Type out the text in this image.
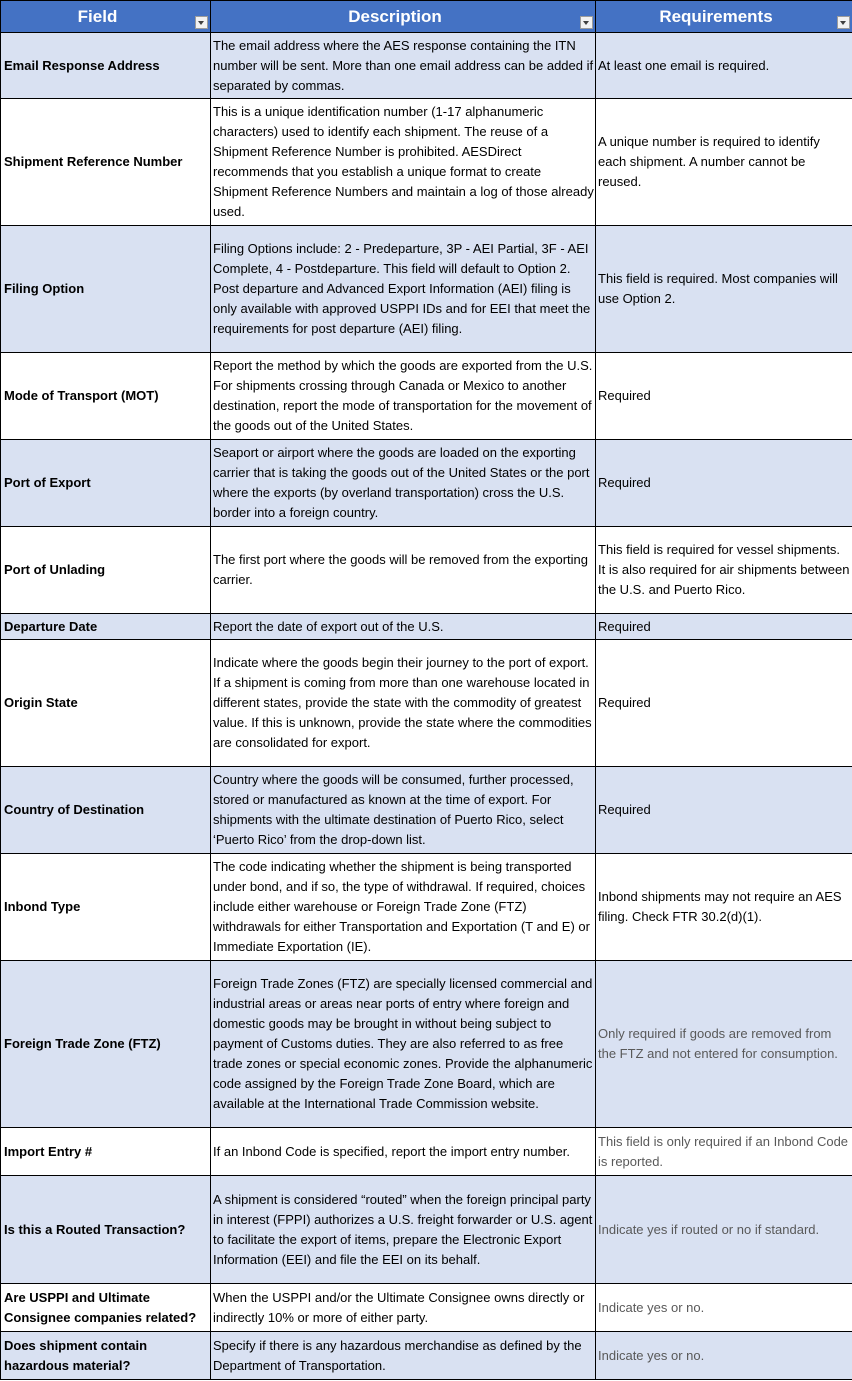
Field	Description	Requirements

Email Response Address	The email address where the AES response containing the ITN number will be sent. More than one email address can be added if separated by commas.	At least one email is required.
Shipment Reference Number	This is a unique identification number (1-17 alphanumeric characters) used to identify each shipment. The reuse of a Shipment Reference Number is prohibited. AESDirect recommends that you establish a unique format to create Shipment Reference Numbers and maintain a log of those already used.	A unique number is required to identify each shipment. A number cannot be reused.
Filing Option	Filing Options include: 2 - Predeparture, 3P - AEI Partial, 3F - AEI Complete, 4 - Postdeparture. This field will default to Option 2. Post departure and Advanced Export Information (AEI) filing is only available with approved USPPI IDs and for EEI that meet the requirements for post departure (AEI) filing.	This field is required. Most companies will use Option 2.
Mode of Transport (MOT)	Report the method by which the goods are exported from the U.S. For shipments crossing through Canada or Mexico to another destination, report the mode of transportation for the movement of the goods out of the United States.	Required
Port of Export	Seaport or airport where the goods are loaded on the exporting carrier that is taking the goods out of the United States or the port where the exports (by overland transportation) cross the U.S. border into a foreign country.	Required
Port of Unlading	The first port where the goods will be removed from the exporting carrier.	This field is required for vessel shipments. It is also required for air shipments between the U.S. and Puerto Rico.
Departure Date	Report the date of export out of the U.S.	Required
Origin State	Indicate where the goods begin their journey to the port of export. If a shipment is coming from more than one warehouse located in different states, provide the state with the commodity of greatest value. If this is unknown, provide the state where the commodities are consolidated for export.	Required
Country of Destination	Country where the goods will be consumed, further processed, stored or manufactured as known at the time of export. For shipments with the ultimate destination of Puerto Rico, select ‘Puerto Rico’ from the drop-down list.	Required
Inbond Type	The code indicating whether the shipment is being transported under bond, and if so, the type of withdrawal. If required, choices include either warehouse or Foreign Trade Zone (FTZ) withdrawals for either Transportation and Exportation (T and E) or Immediate Exportation (IE).	Inbond shipments may not require an AES filing. Check FTR 30.2(d)(1).
Foreign Trade Zone (FTZ)	Foreign Trade Zones (FTZ) are specially licensed commercial and industrial areas or areas near ports of entry where foreign and domestic goods may be brought in without being subject to payment of Customs duties. They are also referred to as free trade zones or special economic zones. Provide the alphanumeric code assigned by the Foreign Trade Zone Board, which are available at the International Trade Commission website.	Only required if goods are removed from the FTZ and not entered for consumption.
Import Entry #	If an Inbond Code is specified, report the import entry number.	This field is only required if an Inbond Code is reported.
Is this a Routed Transaction?	A shipment is considered “routed” when the foreign principal party in interest (FPPI) authorizes a U.S. freight forwarder or U.S. agent to facilitate the export of items, prepare the Electronic Export Information (EEI) and file the EEI on its behalf.	Indicate yes if routed or no if standard.
Are USPPI and Ultimate Consignee companies related?	When the USPPI and/or the Ultimate Consignee owns directly or indirectly 10% or more of either party.	Indicate yes or no.
Does shipment contain hazardous material?	Specify if there is any hazardous merchandise as defined by the Department of Transportation.	Indicate yes or no.
